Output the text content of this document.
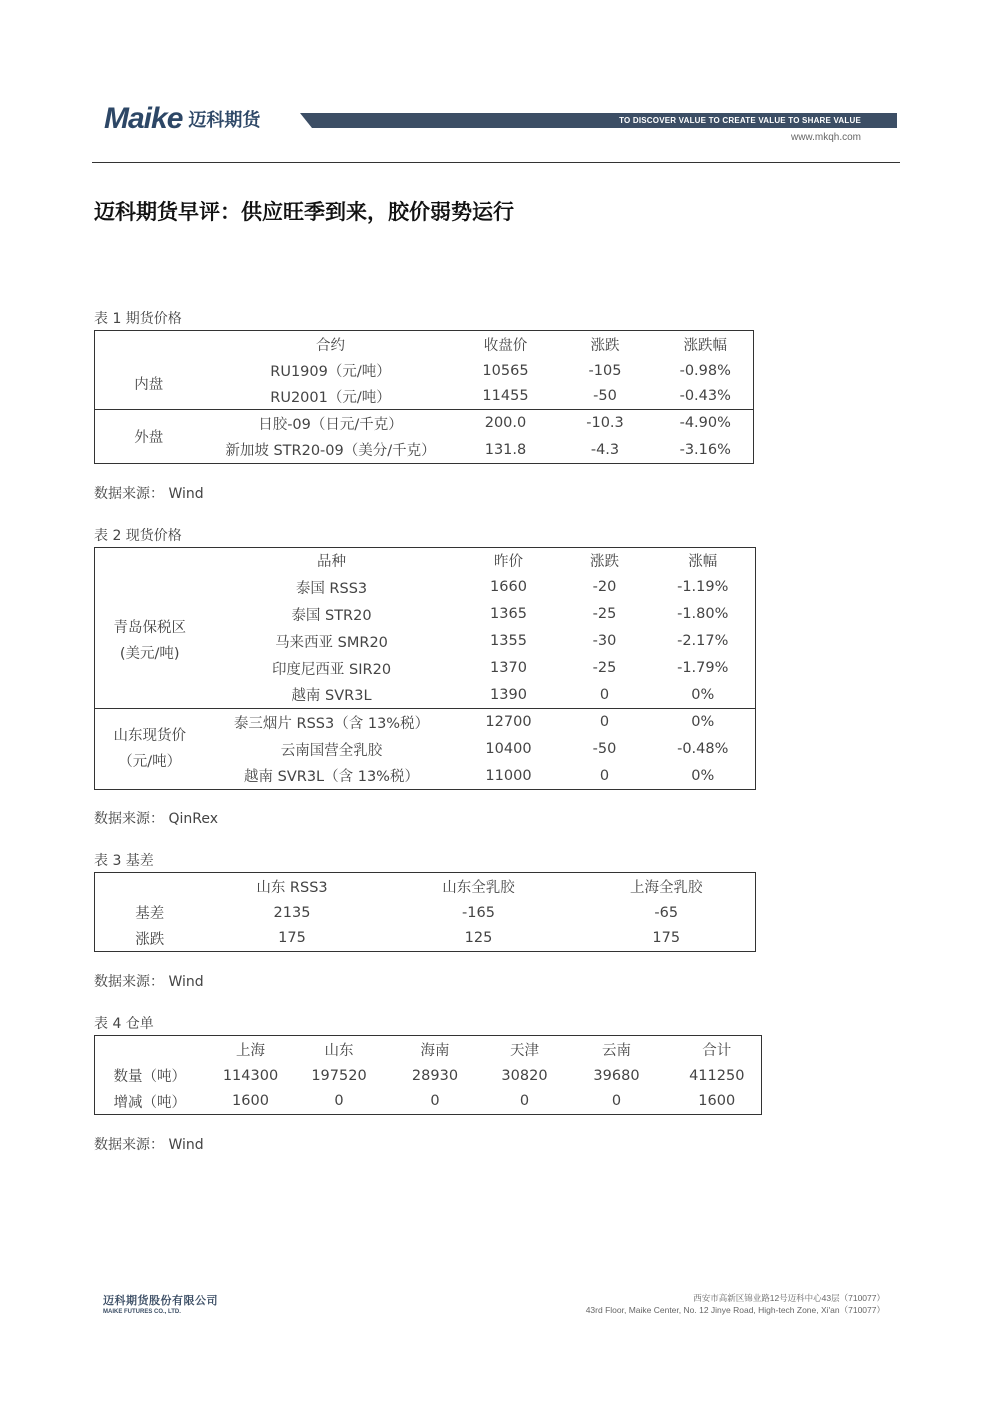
Maike 迈科期货	TO DISCOVER VALUE TO CREATE VALUE TO SHARE VALUE
www.mkqh.com
迈科期货早评：供应旺季到来，胶价弱势运行
表 1 期货价格
	合约	收盘价	涨跌	涨跌幅
内盘	RU1909（元/吨）	10565	-105	-0.98%
	RU2001（元/吨）	11455	-50	-0.43%
外盘	日胶-09（日元/千克）	200.0	-10.3	-4.90%
	新加坡 STR20-09（美分/千克）	131.8	-4.3	-3.16%
数据来源： Wind
表 2 现货价格
	品种	昨价	涨跌	涨幅
青岛保税区
(美元/吨)	泰国 RSS3	1660	-20	-1.19%
	泰国 STR20	1365	-25	-1.80%
	马来西亚 SMR20	1355	-30	-2.17%
	印度尼西亚 SIR20	1370	-25	-1.79%
	越南 SVR3L	1390	0	0%
山东现货价
（元/吨）	泰三烟片 RSS3（含 13%税）	12700	0	0%
	云南国营全乳胶	10400	-50	-0.48%
	越南 SVR3L（含 13%税）	11000	0	0%
数据来源： QinRex
表 3 基差
	山东 RSS3	山东全乳胶	上海全乳胶
基差	2135	-165	-65
涨跌	175	125	175
数据来源： Wind
表 4 仓单
	上海	山东	海南	天津	云南	合计
数量（吨）	114300	197520	28930	30820	39680	411250
增减（吨）	1600	0	0	0	0	1600
数据来源： Wind
迈科期货股份有限公司
MAIKE FUTURES CO., LTD.
西安市高新区锦业路12号迈科中心43层（710077）
43rd Floor, Maike Center, No. 12 Jinye Road, High-tech Zone, Xi'an（710077）
